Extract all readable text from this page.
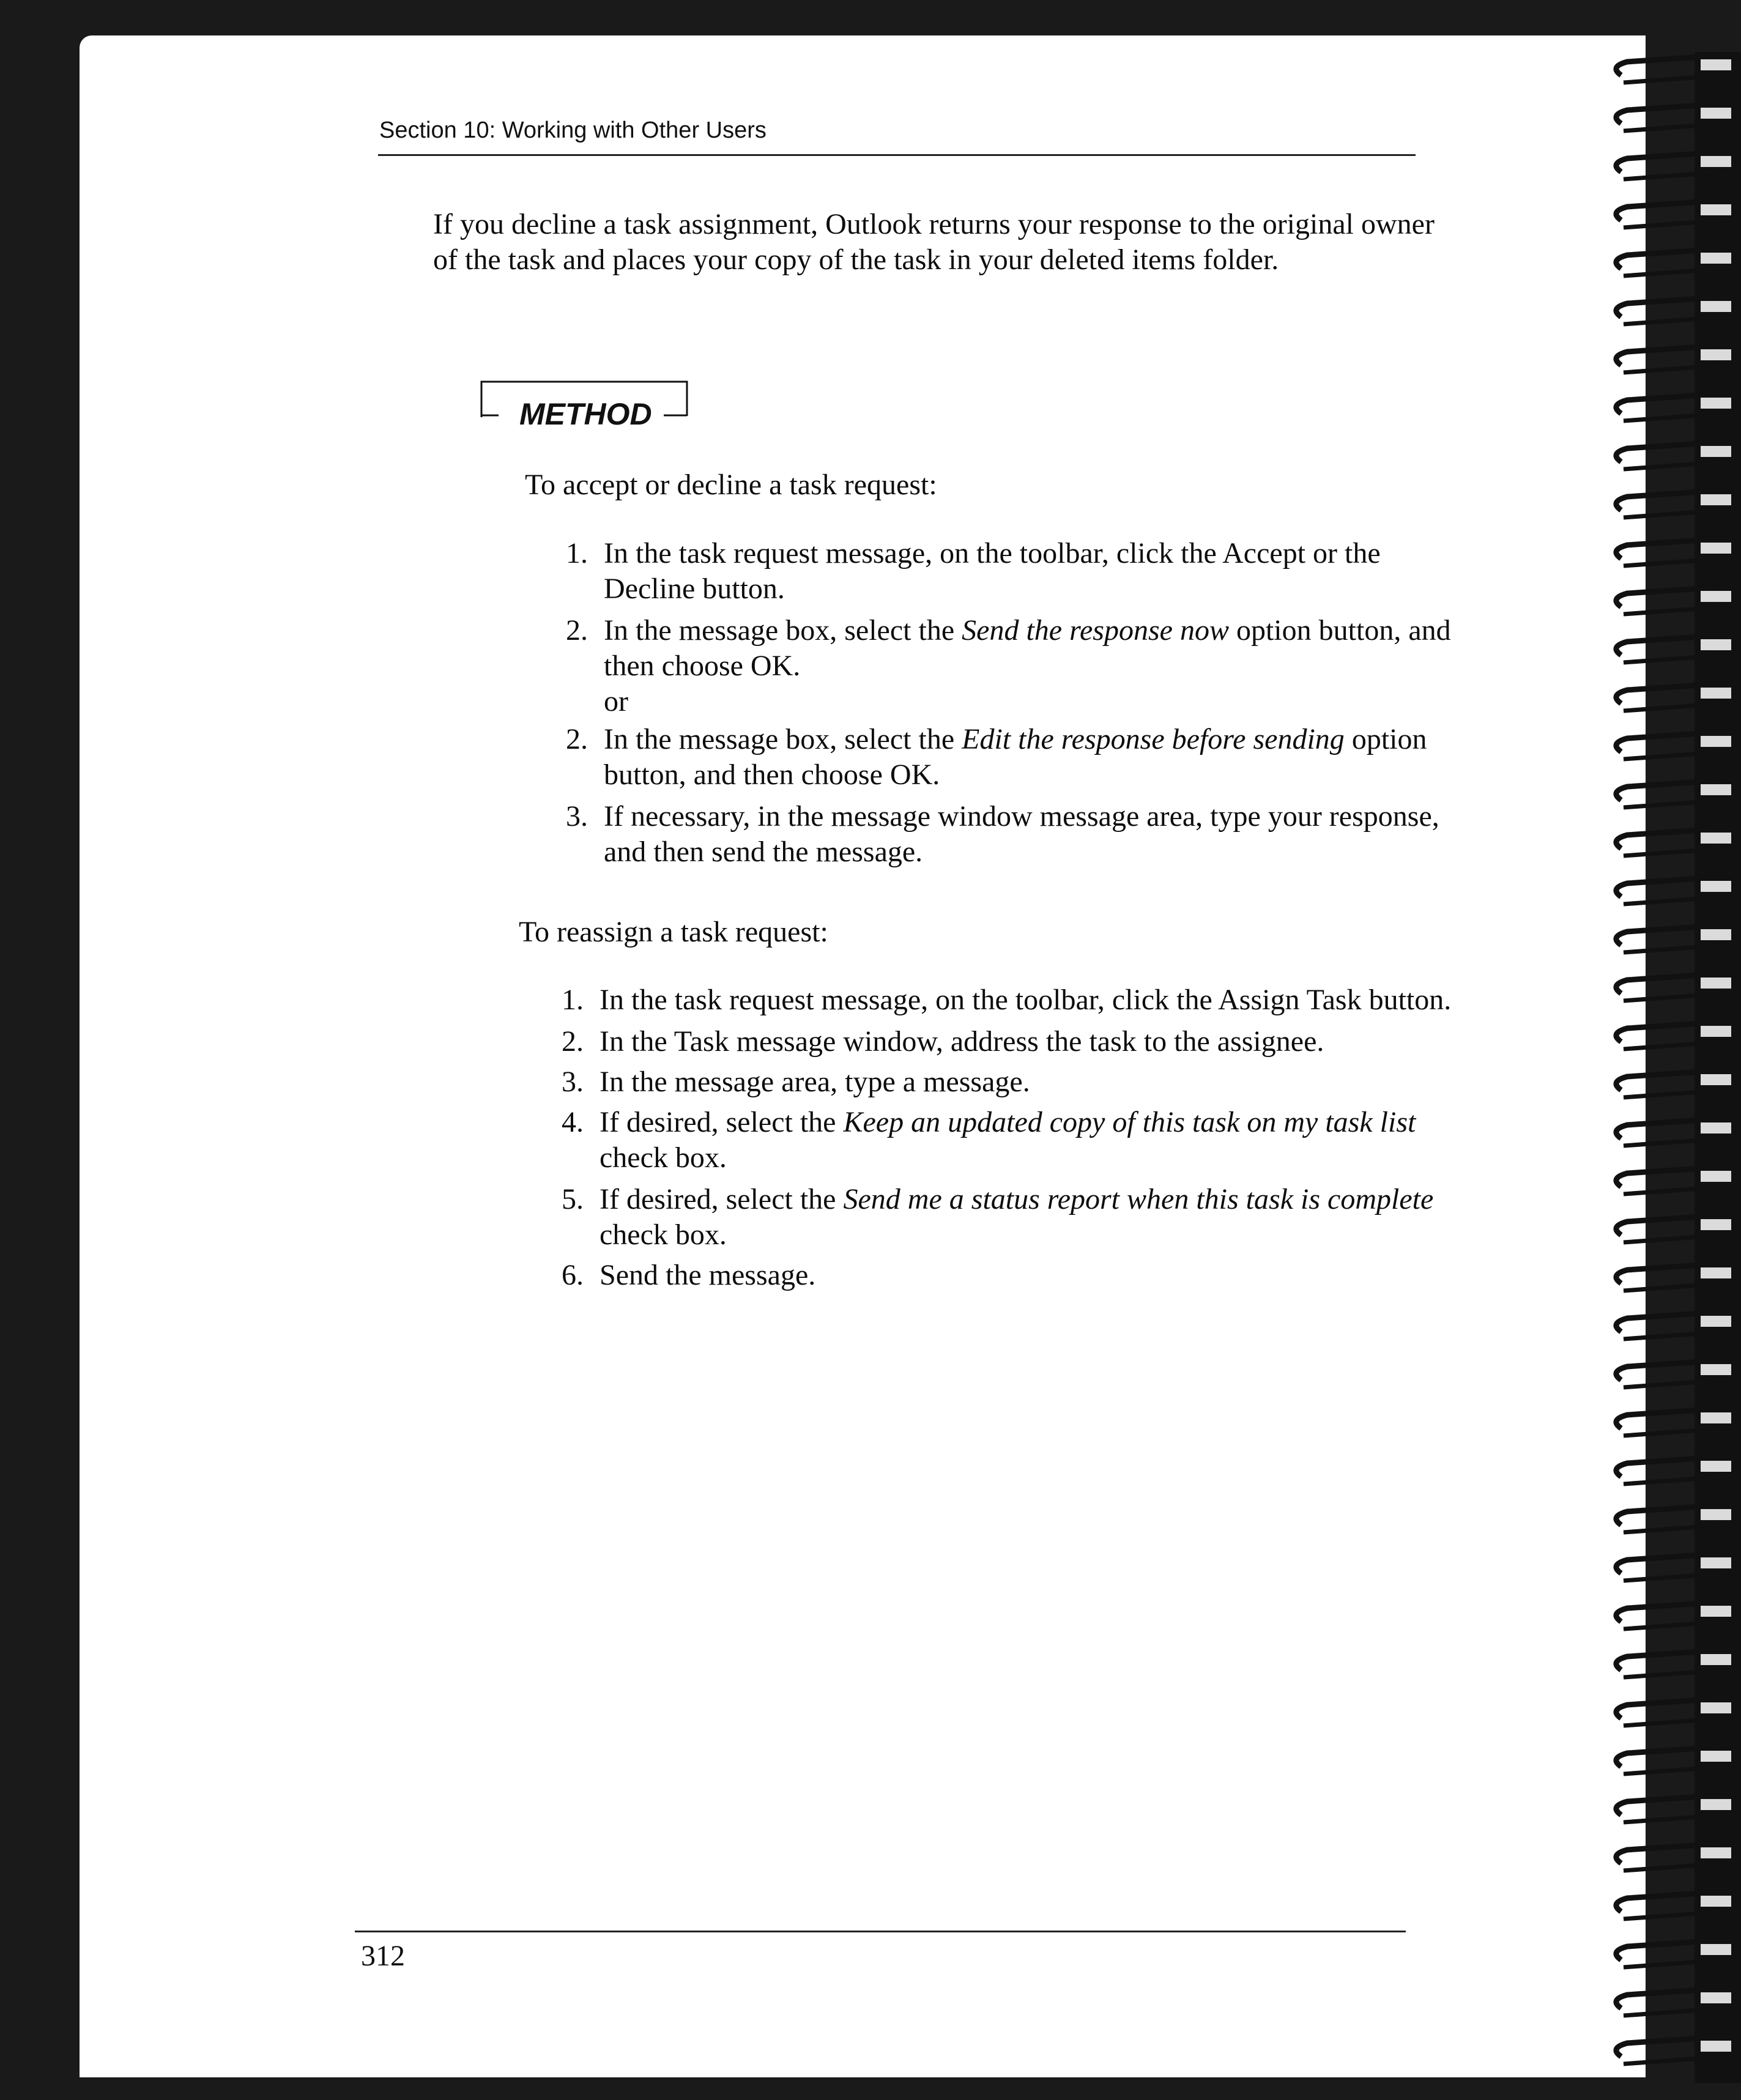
Section 10: Working with Other Users
If you decline a task assignment, Outlook returns your response to the original owner of the task and places your copy of the task in your deleted items folder.
METHOD
To accept or decline a task request:
1. In the task request message, on the toolbar, click the Accept or the Decline button.
2. In the message box, select the Send the response now option button, and then choose OK.
or
2. In the message box, select the Edit the response before sending option button, and then choose OK.
3. If necessary, in the message window message area, type your response, and then send the message.
To reassign a task request:
1. In the task request message, on the toolbar, click the Assign Task button.
2. In the Task message window, address the task to the assignee.
3. In the message area, type a message.
4. If desired, select the Keep an updated copy of this task on my task list check box.
5. If desired, select the Send me a status report when this task is complete check box.
6. Send the message.
312
